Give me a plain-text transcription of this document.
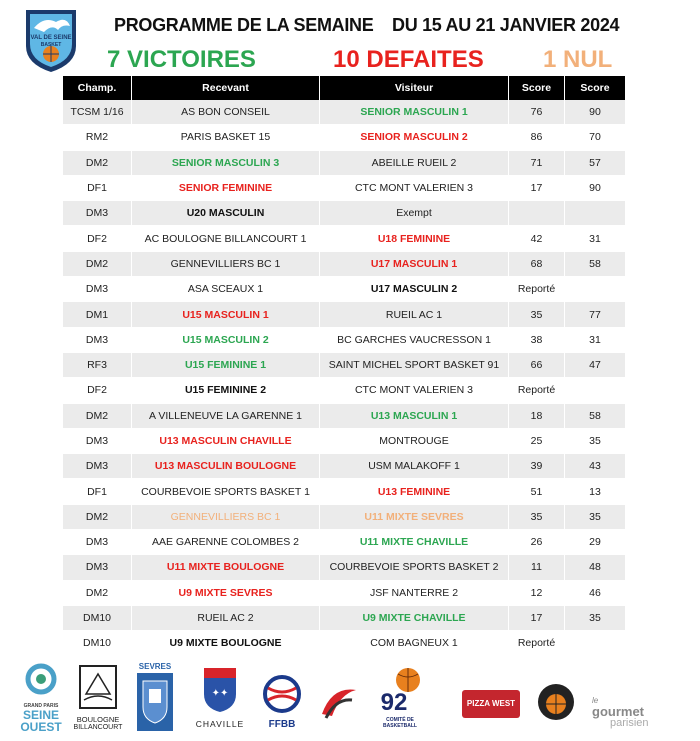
VAL DE SEINE
BASKET
PROGRAMME DE LA SEMAINE DU 15 AU 21 JANVIER 2024
7 VICTOIRES	10 DEFAITES 1 NUL
Champ.	Recevant	Visiteur	Score	Score
TCSM 1/16	AS BON CONSEIL	SENIOR MASCULIN 1	76	90
RM2	PARIS BASKET 15	SENIOR MASCULIN 2	86	70
DM2	SENIOR MASCULIN 3	ABEILLE RUEIL 2	71	57
DF1	SENIOR FEMININE	CTC MONT VALERIEN 3	17	90
DM3	U20 MASCULIN	Exempt		
DF2	AC BOULOGNE BILLANCOURT 1	U18 FEMININE	42	31
DM2	GENNEVILLIERS BC 1	U17 MASCULIN 1	68	58
DM3	ASA SCEAUX 1	U17 MASCULIN 2	Reporté	
DM1	U15 MASCULIN 1	RUEIL AC 1	35	77
DM3	U15 MASCULIN 2	BC GARCHES VAUCRESSON 1	38	31
RF3	U15 FEMININE 1	SAINT MICHEL SPORT BASKET 91	66	47
DF2	U15 FEMININE 2	CTC MONT VALERIEN 3	Reporté	
DM2	A VILLENEUVE LA GARENNE 1	U13 MASCULIN 1	18	58
DM3	U13 MASCULIN CHAVILLE	MONTROUGE	25	35
DM3	U13 MASCULIN BOULOGNE	USM MALAKOFF 1	39	43
DF1	COURBEVOIE SPORTS BASKET 1	U13 FEMININE	51	13
DM2	GENNEVILLIERS BC 1	U11 MIXTE SEVRES	35	35
DM3	AAE GARENNE COLOMBES 2	U11 MIXTE CHAVILLE	26	29
DM3	U11 MIXTE BOULOGNE	COURBEVOIE SPORTS BASKET 2	11	48
DM2	U9 MIXTE SEVRES	JSF NANTERRE 2	12	46
DM10	RUEIL AC 2	U9 MIXTE CHAVILLE	17	35
DM10	U9 MIXTE BOULOGNE	COM BAGNEUX 1	Reporté	
GRAND PARIS
SEINE
OUEST
BOULOGNE
BILLANCOURT
SEVRES
✦✦
CHAVILLE	FFBB
92
COMITÉ DE BASKETBALL
PIZZA WEST	le
gourmet
parisien
